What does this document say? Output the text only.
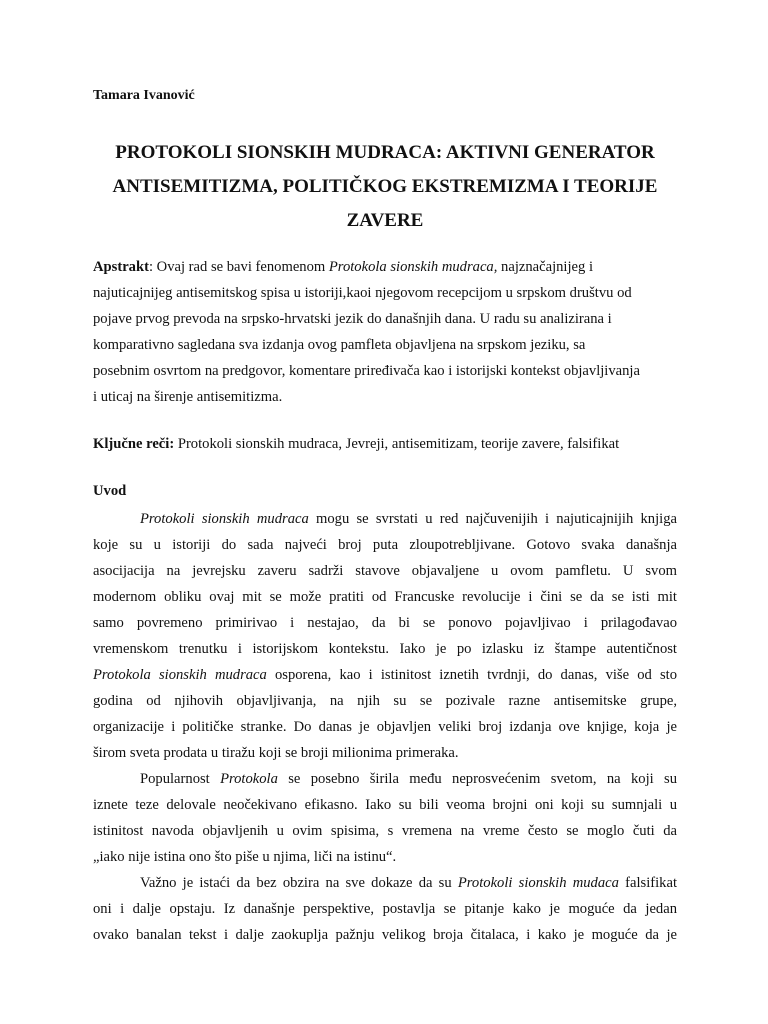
Tamara Ivanović
PROTOKOLI SIONSKIH MUDRACA: AKTIVNI GENERATOR
ANTISEMITIZMA, POLITIČKOG EKSTREMIZMA I TEORIJE
ZAVERE
Apstrakt: Ovaj rad se bavi fenomenom Protokola sionskih mudraca, najznačajnijeg i
najuticajnijeg antisemitskog spisa u istoriji,kaoi njegovom recepcijom u srpskom društvu od
pojave prvog prevoda na srpsko-hrvatski jezik do današnjih dana. U radu su analizirana i
komparativno sagledana sva izdanja ovog pamfleta objavljena na srpskom jeziku, sa
posebnim osvrtom na predgovor, komentare priređivača kao i istorijski kontekst objavljivanja
i uticaj na širenje antisemitizma.
Ključne reči: Protokoli sionskih mudraca, Jevreji, antisemitizam, teorije zavere, falsifikat
Uvod
Protokoli sionskih mudraca mogu se svrstati u red najčuvenijih i najuticajnijih knjiga
koje su u istoriji do sada najveći broj puta zloupotrebljivane. Gotovo svaka današnja
asocijacija na jevrejsku zaveru sadrži stavove objavaljene u ovom pamfletu. U svom
modernom obliku ovaj mit se može pratiti od Francuske revolucije i čini se da se isti mit
samo povremeno primirivao i nestajao, da bi se ponovo pojavljivao i prilagođavao
vremenskom trenutku i istorijskom kontekstu. Iako je po izlasku iz štampe autentičnost
Protokola sionskih mudraca osporena, kao i istinitost iznetih tvrdnji, do danas, više od sto
godina od njihovih objavljivanja, na njih su se pozivale razne antisemitske grupe,
organizacije i političke stranke. Do danas je objavljen veliki broj izdanja ove knjige, koja je
širom sveta prodata u tiražu koji se broji milionima primeraka.
Popularnost Protokola se posebno širila među neprosvećenim svetom, na koji su
iznete teze delovale neočekivano efikasno. Iako su bili veoma brojni oni koji su sumnjali u
istinitost navoda objavljenih u ovim spisima, s vremena na vreme često se moglo čuti da
„iako nije istina ono što piše u njima, liči na istinu“.
Važno je istaći da bez obzira na sve dokaze da su Protokoli sionskih mudaca falsifikat
oni i dalje opstaju. Iz današnje perspektive, postavlja se pitanje kako je moguće da jedan
ovako banalan tekst i dalje zaokuplja pažnju velikog broja čitalaca, i kako je moguće da je
